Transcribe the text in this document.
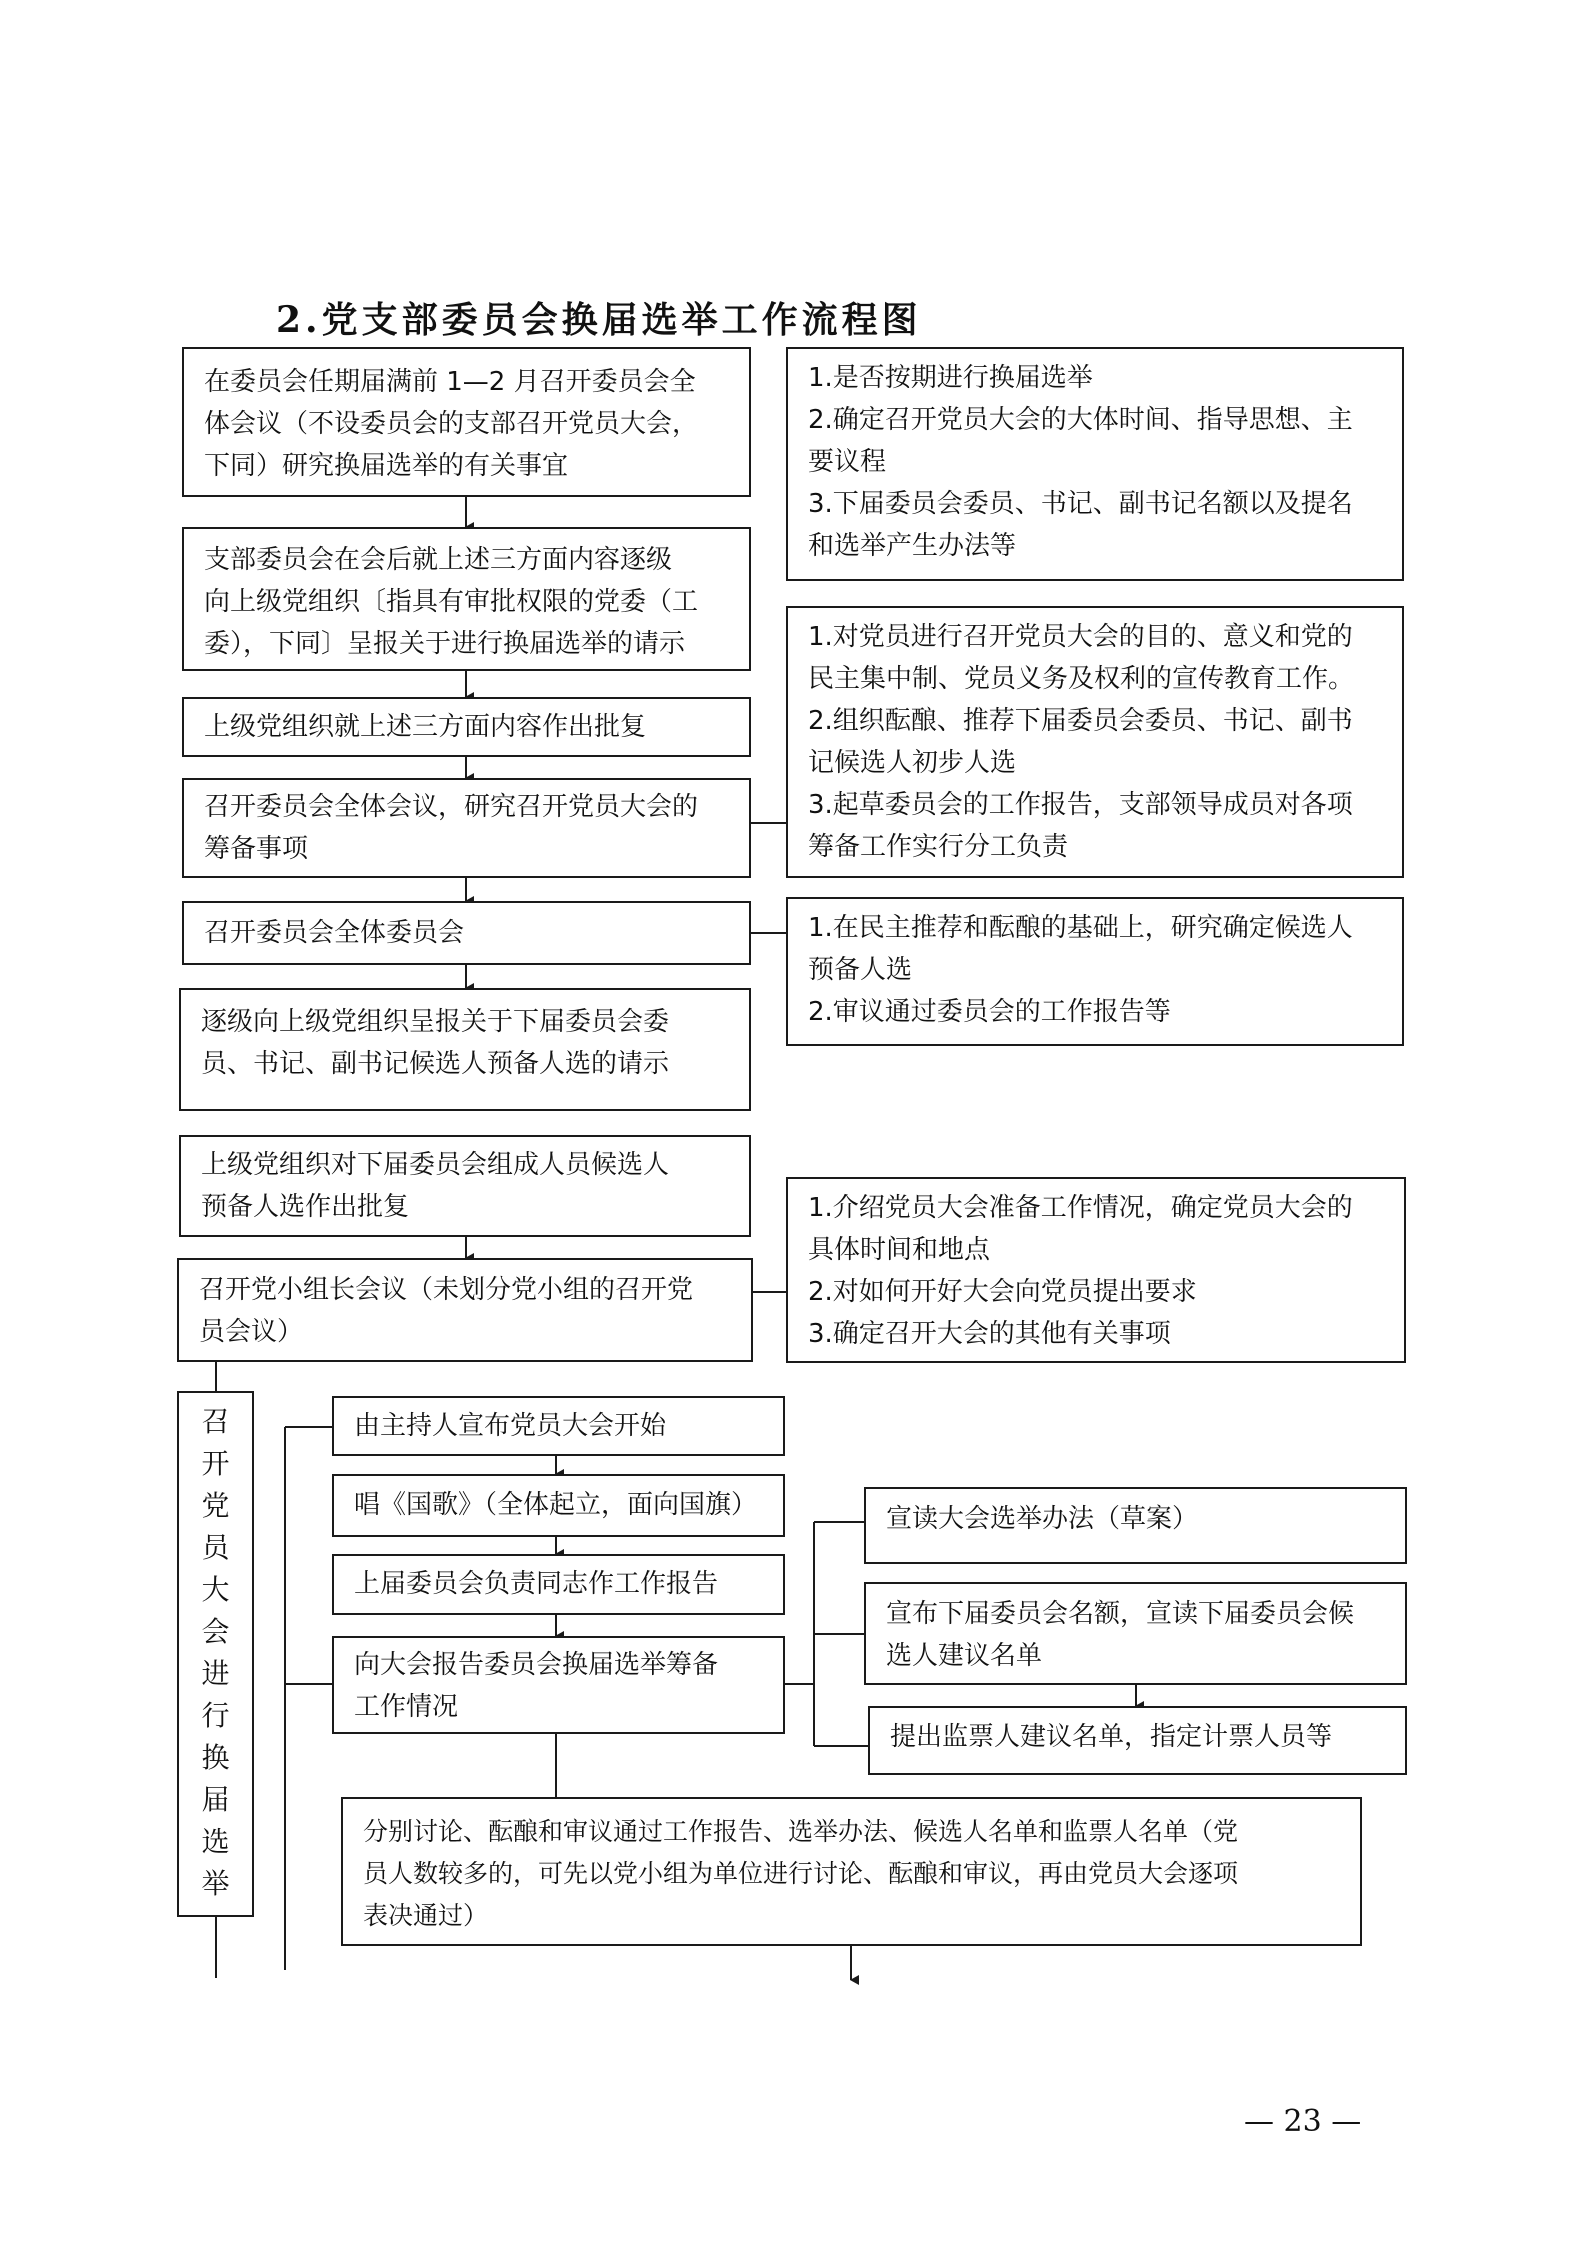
2.党支部委员会换届选举工作流程图
在委员会任期届满前 1—2 月召开委员会全
体会议（不设委员会的支部召开党员大会，
下同）研究换届选举的有关事宜
支部委员会在会后就上述三方面内容逐级
向上级党组织〔指具有审批权限的党委（工
委），下同〕呈报关于进行换届选举的请示
上级党组织就上述三方面内容作出批复
召开委员会全体会议，研究召开党员大会的
筹备事项
召开委员会全体委员会
逐级向上级党组织呈报关于下届委员会委
员、书记、副书记候选人预备人选的请示
上级党组织对下届委员会组成人员候选人
预备人选作出批复
召开党小组长会议（未划分党小组的召开党
员会议）
1.是否按期进行换届选举
2.确定召开党员大会的大体时间、指导思想、主
要议程
3.下届委员会委员、书记、副书记名额以及提名
和选举产生办法等
1.对党员进行召开党员大会的目的、意义和党的
民主集中制、党员义务及权利的宣传教育工作。
2.组织酝酿、推荐下届委员会委员、书记、副书
记候选人初步人选
3.起草委员会的工作报告，支部领导成员对各项
筹备工作实行分工负责
1.在民主推荐和酝酿的基础上，研究确定候选人
预备人选
2.审议通过委员会的工作报告等
1.介绍党员大会准备工作情况，确定党员大会的
具体时间和地点
2.对如何开好大会向党员提出要求
3.确定召开大会的其他有关事项
召
开
党
员
大
会
进
行
换
届
选
举
由主持人宣布党员大会开始
唱《国歌》（全体起立，面向国旗）
上届委员会负责同志作工作报告
向大会报告委员会换届选举筹备
工作情况
宣读大会选举办法（草案）
宣布下届委员会名额，宣读下届委员会候
选人建议名单
提出监票人建议名单，指定计票人员等
分别讨论、酝酿和审议通过工作报告、选举办法、候选人名单和监票人名单（党
员人数较多的，可先以党小组为单位进行讨论、酝酿和审议，再由党员大会逐项
表决通过）
— 23 —
